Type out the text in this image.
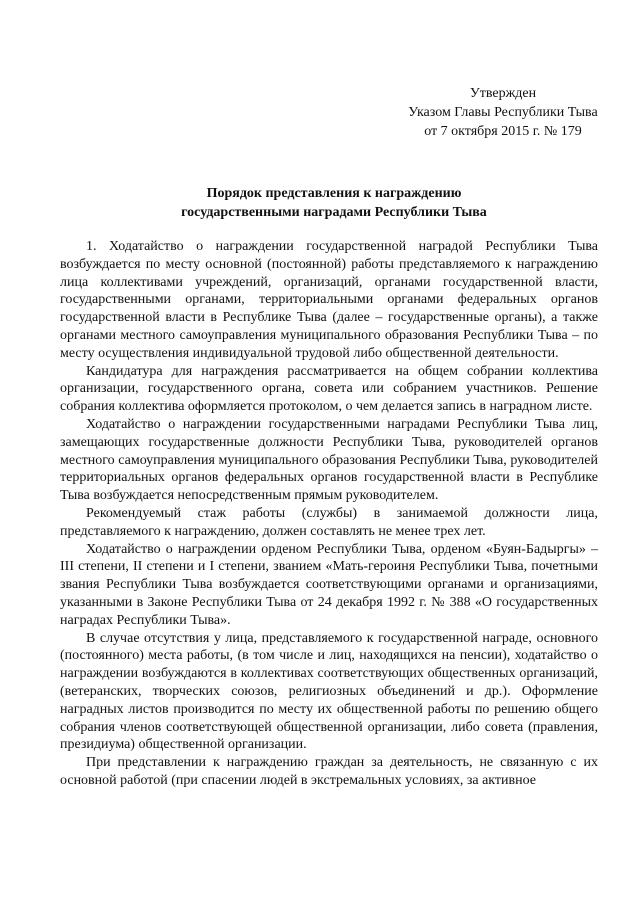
Утвержден
Указом Главы Республики Тыва
от 7 октября 2015 г. № 179
Порядок представления к награждению
государственными наградами Республики Тыва

1. Ходатайство о награждении государственной наградой Республики Тыва возбуждается по месту основной (постоянной) работы представляемого к награждению лица коллективами учреждений, организаций, органами государственной власти, государственными органами, территориальными органами федеральных органов государственной власти в Республике Тыва (далее – государственные органы), а также органами местного самоуправления муниципального образования Республики Тыва – по месту осуществления индивидуальной трудовой либо общественной деятельности.

Кандидатура для награждения рассматривается на общем собрании коллектива организации, государственного органа, совета или собранием участников. Решение собрания коллектива оформляется протоколом, о чем делается запись в наградном листе.

Ходатайство о награждении государственными наградами Республики Тыва лиц, замещающих государственные должности Республики Тыва, руководителей органов местного самоуправления муниципального образования Республики Тыва, руководителей территориальных органов федеральных органов государственной власти в Республике Тыва возбуждается непосредственным прямым руководителем.

Рекомендуемый стаж работы (службы) в занимаемой должности лица, представляемого к награждению, должен составлять не менее трех лет.

Ходатайство о награждении орденом Республики Тыва, орденом «Буян-Бадыргы» – III степени, II степени и I степени, званием «Мать-героиня Республики Тыва, почетными звания Республики Тыва возбуждается соответствующими органами и организациями, указанными в Законе Республики Тыва от 24 декабря 1992 г. № 388 «О государственных наградах Республики Тыва».

В случае отсутствия у лица, представляемого к государственной награде, основного (постоянного) места работы, (в том числе и лиц, находящихся на пенсии), ходатайство о награждении возбуждаются в коллективах соответствующих общественных организаций, (ветеранских, творческих союзов, религиозных объединений и др.). Оформление наградных листов производится по месту их общественной работы по решению общего собрания членов соответствующей общественной организации, либо совета (правления, президиума) общественной организации.

При представлении к награждению граждан за деятельность, не связанную с их основной работой (при спасении людей в экстремальных условиях, за активное
